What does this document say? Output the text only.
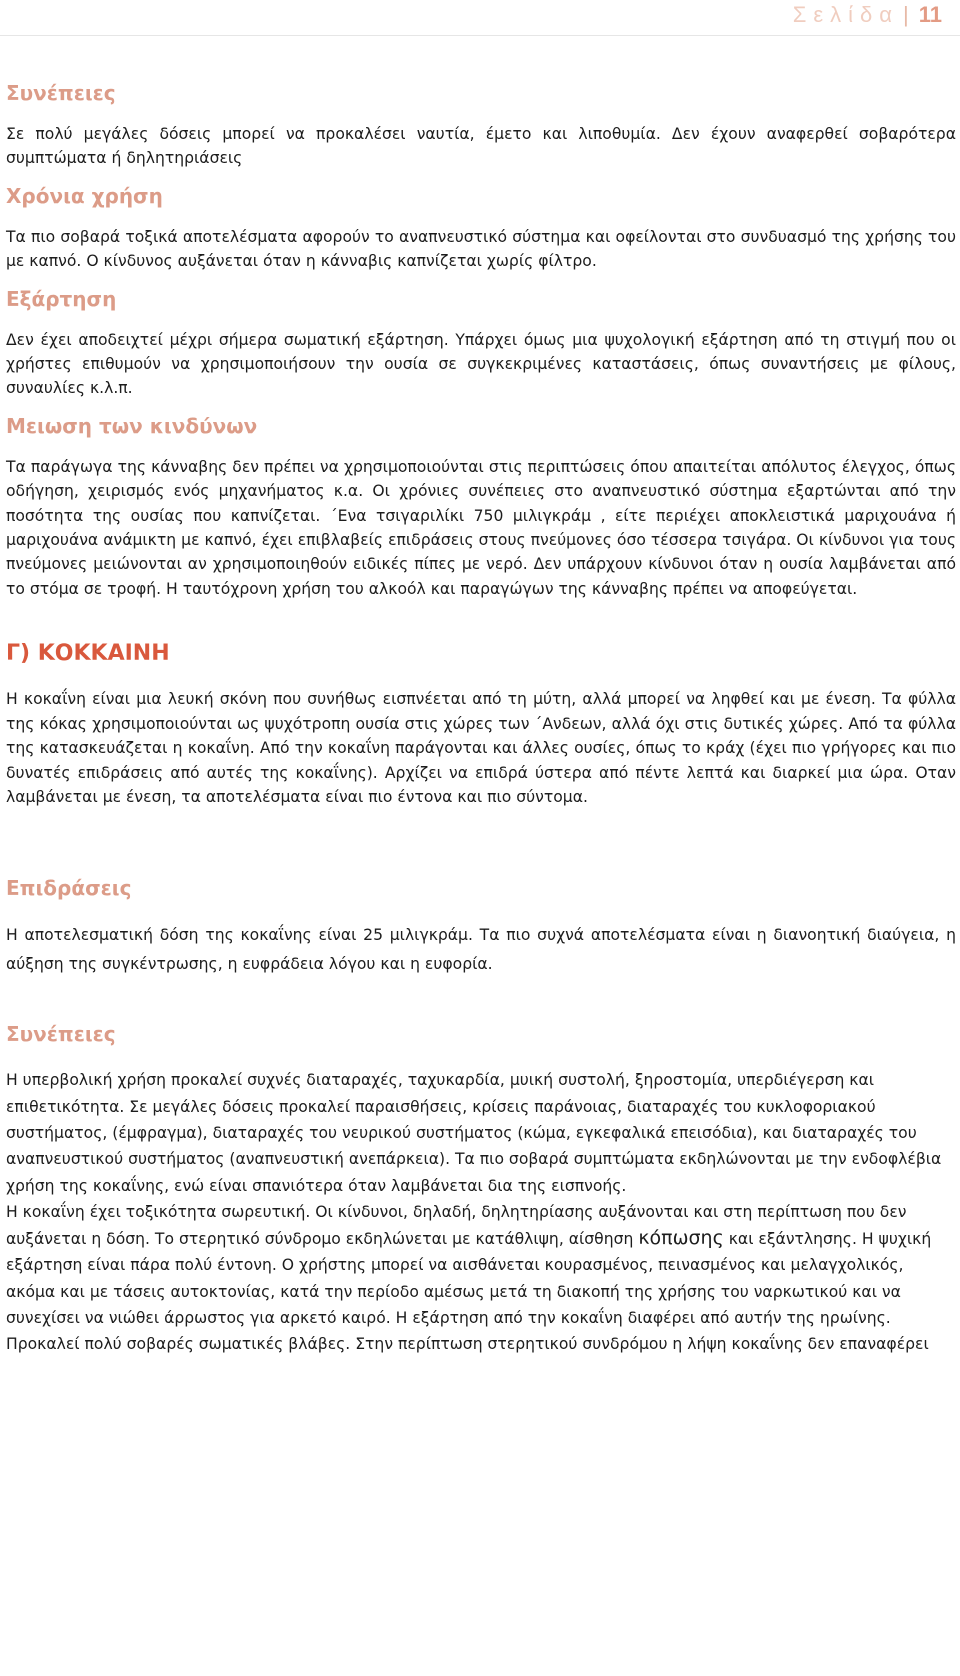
Σελίδα | 11
Συνέπειες

Σε πολύ μεγάλες δόσεις μπορεί να προκαλέσει ναυτία, έμετο και λιποθυμία. Δεν έχουν αναφερθεί σοβαρότερα συμπτώματα ή δηλητηριάσεις

Χρόνια χρήση

Τα πιο σοβαρά τοξικά αποτελέσματα αφορούν το αναπνευστικό σύστημα και οφείλονται στο συνδυασμό της χρήσης του με καπνό. Ο κίνδυνος αυξάνεται όταν η κάνναβις καπνίζεται χωρίς φίλτρο.

Εξάρτηση

Δεν έχει αποδειχτεί μέχρι σήμερα σωματική εξάρτηση. Υπάρχει όμως μια ψυχολογική εξάρτηση από τη στιγμή που οι χρήστες επιθυμούν να χρησιμοποιήσουν την ουσία σε συγκεκριμένες καταστάσεις, όπως συναντήσεις με φίλους, συναυλίες κ.λ.π.

Μειωση των κινδύνων

Τα παράγωγα της κάνναβης δεν πρέπει να χρησιμοποιούνται στις περιπτώσεις όπου απαιτείται απόλυτος έλεγχος, όπως οδήγηση, χειρισμός ενός μηχανήματος κ.α. Οι χρόνιες συνέπειες στο αναπνευστικό σύστημα εξαρτώνται από την ποσότητα της ουσίας που καπνίζεται. ΄Ενα τσιγαριλίκι 750 μιλιγκράμ , είτε περιέχει αποκλειστικά μαριχουάνα ή μαριχουάνα ανάμικτη με καπνό, έχει επιβλαβείς επιδράσεις στους πνεύμονες όσο τέσσερα τσιγάρα. Οι κίνδυνοι για τους πνεύμονες μειώνονται αν χρησιμοποιηθούν ειδικές πίπες με νερό. Δεν υπάρχουν κίνδυνοι όταν η ουσία λαμβάνεται από το στόμα σε τροφή. Η ταυτόχρονη χρήση του αλκοόλ και παραγώγων της κάνναβης πρέπει να αποφεύγεται.

Γ) ΚΟΚΚΑΙΝΗ

Η κοκαΐνη είναι μια λευκή σκόνη που συνήθως εισπνέεται από τη μύτη, αλλά μπορεί να ληφθεί και με ένεση. Τα φύλλα της κόκας χρησιμοποιούνται ως ψυχότροπη ουσία στις χώρες των ΄Ανδεων, αλλά όχι στις δυτικές χώρες. Από τα φύλλα της κατασκευάζεται η κοκαΐνη. Από την κοκαΐνη παράγονται και άλλες ουσίες, όπως το κράχ (έχει πιο γρήγορες και πιο δυνατές επιδράσεις από αυτές της κοκαΐνης). Αρχίζει να επιδρά ύστερα από πέντε λεπτά και διαρκεί μια ώρα. Οταν λαμβάνεται με ένεση, τα αποτελέσματα είναι πιο έντονα και πιο σύντομα.

Επιδράσεις

Η αποτελεσματική δόση της κοκαΐνης είναι 25 μιλιγκράμ. Τα πιο συχνά αποτελέσματα είναι η διανοητική διαύγεια, η αύξηση της συγκέντρωσης, η ευφράδεια λόγου και η ευφορία.

Συνέπειες

Η υπερβολική χρήση προκαλεί συχνές διαταραχές, ταχυκαρδία, μυική συστολή, ξηροστομία, υπερδιέγερση και επιθετικότητα. Σε μεγάλες δόσεις προκαλεί παραισθήσεις, κρίσεις παράνοιας, διαταραχές του κυκλοφοριακού συστήματος, (έμφραγμα), διαταραχές του νευρικού συστήματος (κώμα, εγκεφαλικά επεισόδια), και διαταραχές του αναπνευστικού συστήματος (αναπνευστική ανεπάρκεια). Τα πιο σοβαρά συμπτώματα εκδηλώνονται με την ενδοφλέβια χρήση της κοκαΐνης, ενώ είναι σπανιότερα όταν λαμβάνεται δια της εισπνοής.

Η κοκαΐνη έχει τοξικότητα σωρευτική. Οι κίνδυνοι, δηλαδή, δηλητηρίασης αυξάνονται και στη περίπτωση που δεν αυξάνεται η δόση. Το στερητικό σύνδρομο εκδηλώνεται με κατάθλιψη, αίσθηση κόπωσης και εξάντλησης. Η ψυχική εξάρτηση είναι πάρα πολύ έντονη. Ο χρήστης μπορεί να αισθάνεται κουρασμένος, πεινασμένος και μελαγχολικός, ακόμα και με τάσεις αυτοκτονίας, κατά την περίοδο αμέσως μετά τη διακοπή της χρήσης του ναρκωτικού και να συνεχίσει να νιώθει άρρωστος για αρκετό καιρό. Η εξάρτηση από την κοκαΐνη διαφέρει από αυτήν της ηρωίνης. Προκαλεί πολύ σοβαρές σωματικές βλάβες. Στην περίπτωση στερητικού συνδρόμου η λήψη κοκαΐνης δεν επαναφέρει
